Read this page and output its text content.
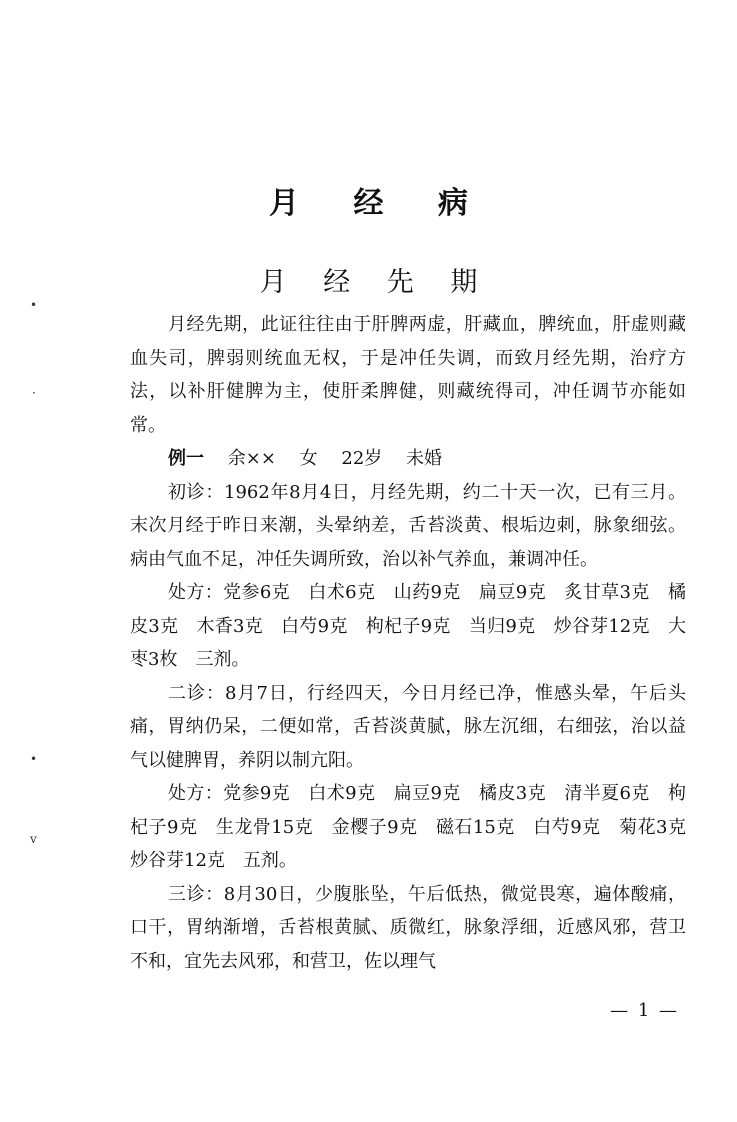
•
·
•
v
月 经 病
月 经 先 期

月经先期，此证往往由于肝脾两虚，肝藏血，脾统血，肝虚则藏血失司，脾弱则统血无权，于是冲任失调，而致月经先期，治疗方法，以补肝健脾为主，使肝柔脾健，则藏统得司，冲任调节亦能如常。

例一 余×× 女 22岁 未婚

初诊：1962年8月4日，月经先期，约二十天一次，已有三月。末次月经于昨日来潮，头晕纳差，舌苔淡黄、根垢边刺，脉象细弦。病由气血不足，冲任失调所致，治以补气养血，兼调冲任。

处方：党参6克　白术6克　山药9克　扁豆9克　炙甘草3克　橘皮3克　木香3克　白芍9克　枸杞子9克　当归9克　炒谷芽12克　大枣3枚　三剂。

二诊：8月7日，行经四天，今日月经已净，惟感头晕，午后头痛，胃纳仍呆，二便如常，舌苔淡黄腻，脉左沉细，右细弦，治以益气以健脾胃，养阴以制亢阳。

处方：党参9克　白术9克　扁豆9克　橘皮3克　清半夏6克　枸杞子9克　生龙骨15克　金樱子9克　磁石15克　白芍9克　菊花3克　炒谷芽12克　五剂。

三诊：8月30日，少腹胀坠，午后低热，微觉畏寒，遍体酸痛，口干，胃纳渐增，舌苔根黄腻、质微红，脉象浮细，近感风邪，营卫不和，宜先去风邪，和营卫，佐以理气

— 1 —
